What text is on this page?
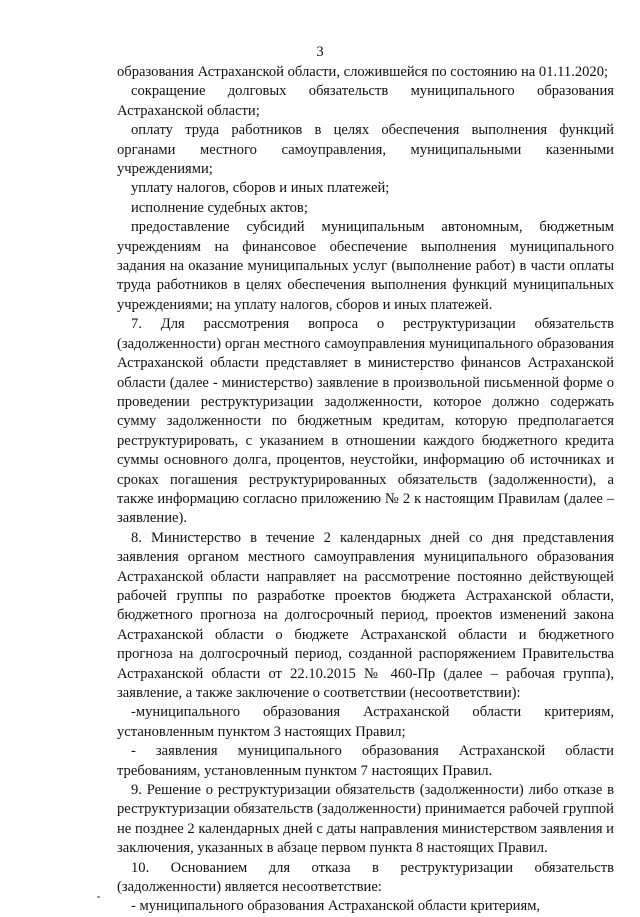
3

образования Астраханской области, сложившейся по состоянию на 01.11.2020;

сокращение долговых обязательств муниципального образования Астраханской области;

оплату труда работников в целях обеспечения выполнения функций органами местного самоуправления, муниципальными казенными учреждениями;

уплату налогов, сборов и иных платежей;

исполнение судебных актов;

предоставление субсидий муниципальным автономным, бюджетным учреждениям на финансовое обеспечение выполнения муниципального задания на оказание муниципальных услуг (выполнение работ) в части оплаты труда работников в целях обеспечения выполнения функций муниципальных учреждениями; на уплату налогов, сборов и иных платежей.

7. Для рассмотрения вопроса о реструктуризации обязательств (задолженности) орган местного самоуправления муниципального образования Астраханской области представляет в министерство финансов Астраханской области (далее - министерство) заявление в произвольной письменной форме о проведении реструктуризации задолженности, которое должно содержать сумму задолженности по бюджетным кредитам, которую предполагается реструктурировать, с указанием в отношении каждого бюджетного кредита суммы основного долга, процентов, неустойки, информацию об источниках и сроках погашения реструктурированных обязательств (задолженности), а также информацию согласно приложению № 2 к настоящим Правилам (далее – заявление).

8. Министерство в течение 2 календарных дней со дня представления заявления органом местного самоуправления муниципального образования Астраханской области направляет на рассмотрение постоянно действующей рабочей группы по разработке проектов бюджета Астраханской области, бюджетного прогноза на долгосрочный период, проектов изменений закона Астраханской области о бюджете Астраханской области и бюджетного прогноза на долгосрочный период, созданной распоряжением Правительства Астраханской области от 22.10.2015 № 460-Пр (далее – рабочая группа), заявление, а также заключение о соответствии (несоответствии):

-муниципального образования Астраханской области критериям, установленным пунктом 3 настоящих Правил;

- заявления муниципального образования Астраханской области требованиям, установленным пунктом 7 настоящих Правил.

9. Решение о реструктуризации обязательств (задолженности) либо отказе в реструктуризации обязательств (задолженности) принимается рабочей группой не позднее 2 календарных дней с даты направления министерством заявления и заключения, указанных в абзаце первом пункта 8 настоящих Правил.

10. Основанием для отказа в реструктуризации обязательств (задолженности) является несоответствие:

- муниципального образования Астраханской области критериям,
